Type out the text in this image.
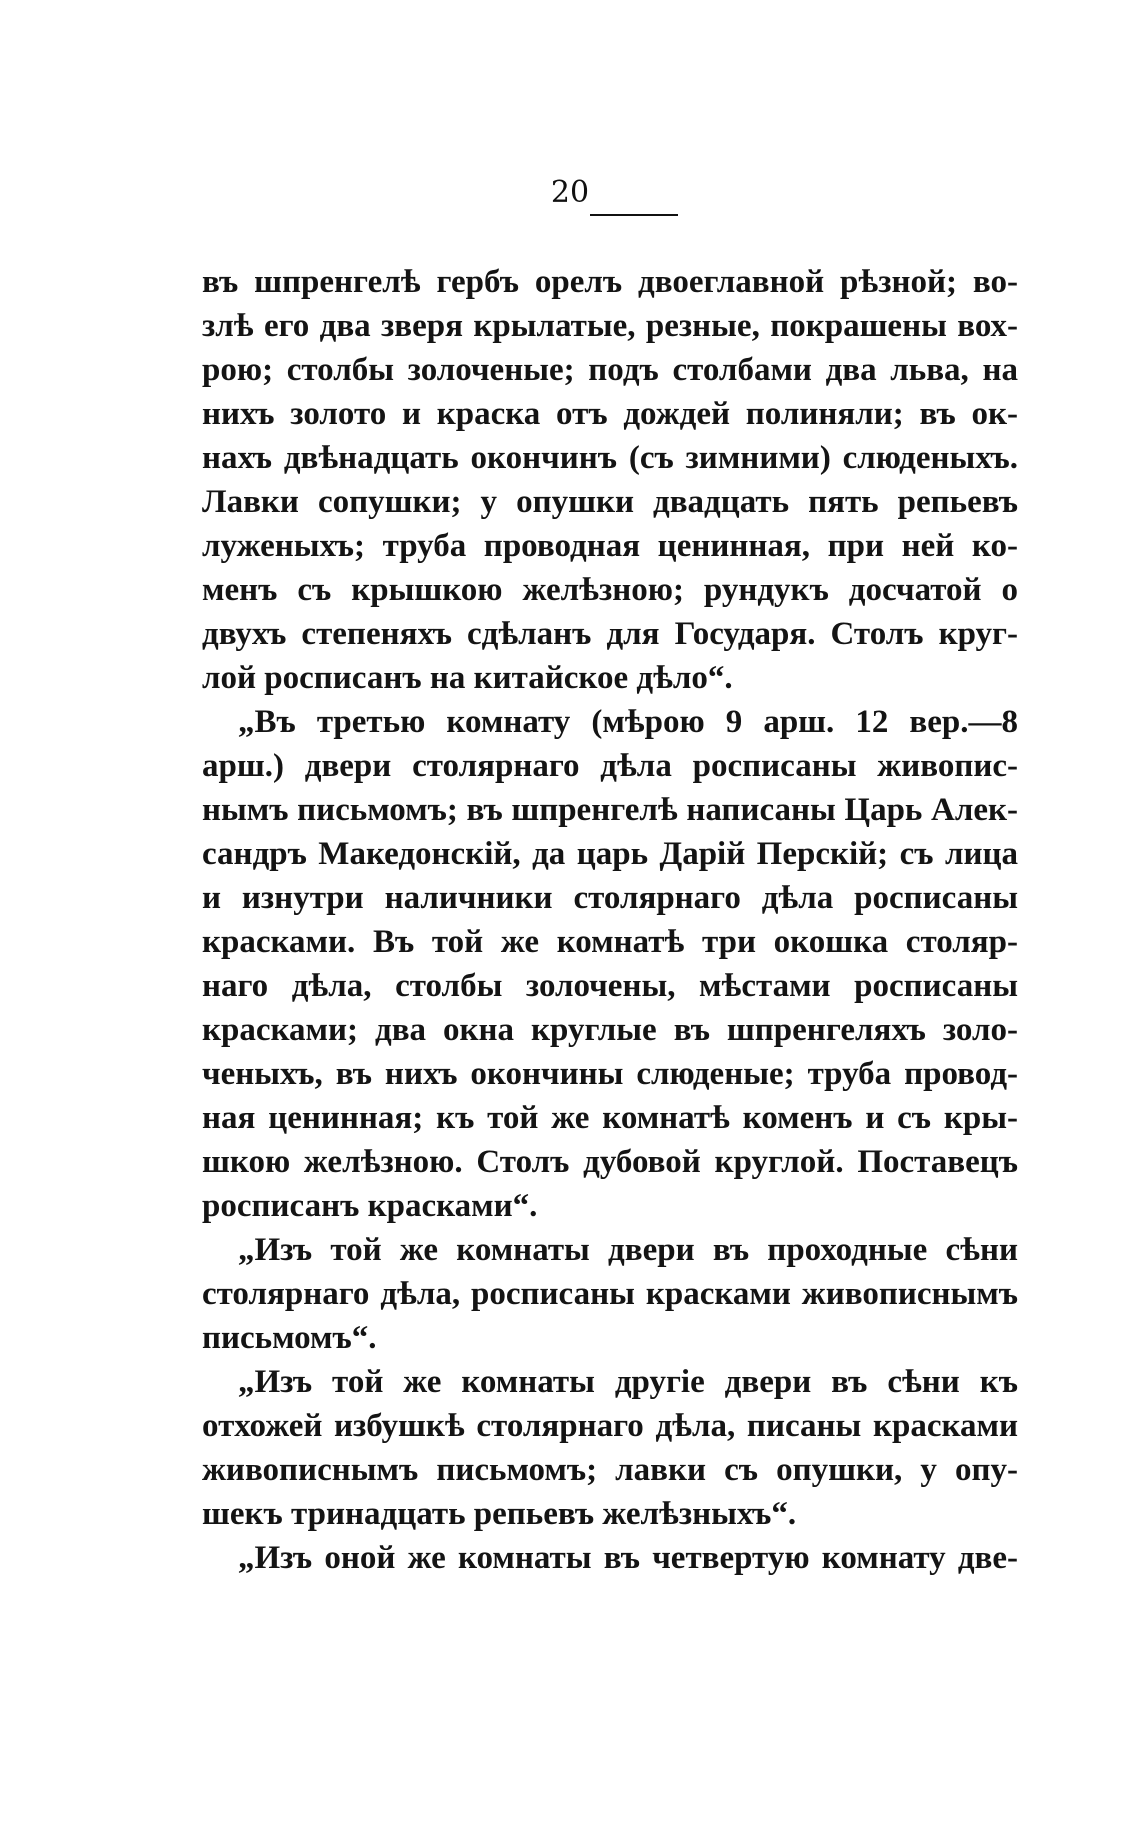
20
въ шпренгелѣ гербъ орелъ двоеглавной рѣзной; во-
злѣ его два зверя крылатые, резные, покрашены вох-
рою; столбы золоченые; подъ столбами два льва, на
нихъ золото и краска отъ дождей полиняли; въ ок-
нахъ двѣнадцать окончинъ (съ зимними) слюденыхъ.
Лавки сопушки; у опушки двадцать пять репьевъ
луженыхъ; труба проводная ценинная, при ней ко-
менъ съ крышкою желѣзною; рундукъ досчатой о
двухъ степеняхъ сдѣланъ для Государя. Столъ круг-
лой росписанъ на китайское дѣло“.
„Въ третью комнату (мѣрою 9 арш. 12 вер.—8
арш.) двери столярнаго дѣла росписаны живопис-
нымъ письмомъ; въ шпренгелѣ написаны Царь Алек-
сандръ Македонскій, да царь Дарій Перскій; съ лица
и изнутри наличники столярнаго дѣла росписаны
красками. Въ той же комнатѣ три окошка столяр-
наго дѣла, столбы золочены, мѣстами росписаны
красками; два окна круглые въ шпренгеляхъ золо-
ченыхъ, въ нихъ окончины слюденые; труба провод-
ная ценинная; къ той же комнатѣ коменъ и съ кры-
шкою желѣзною. Столъ дубовой круглой. Поставецъ
росписанъ красками“.
„Изъ той же комнаты двери въ проходные сѣни
столярнаго дѣла, росписаны красками живописнымъ
письмомъ“.
„Изъ той же комнаты другіе двери въ сѣни къ
отхожей избушкѣ столярнаго дѣла, писаны красками
живописнымъ письмомъ; лавки съ опушки, у опу-
шекъ тринадцать репьевъ желѣзныхъ“.
„Изъ оной же комнаты въ четвертую комнату две-
